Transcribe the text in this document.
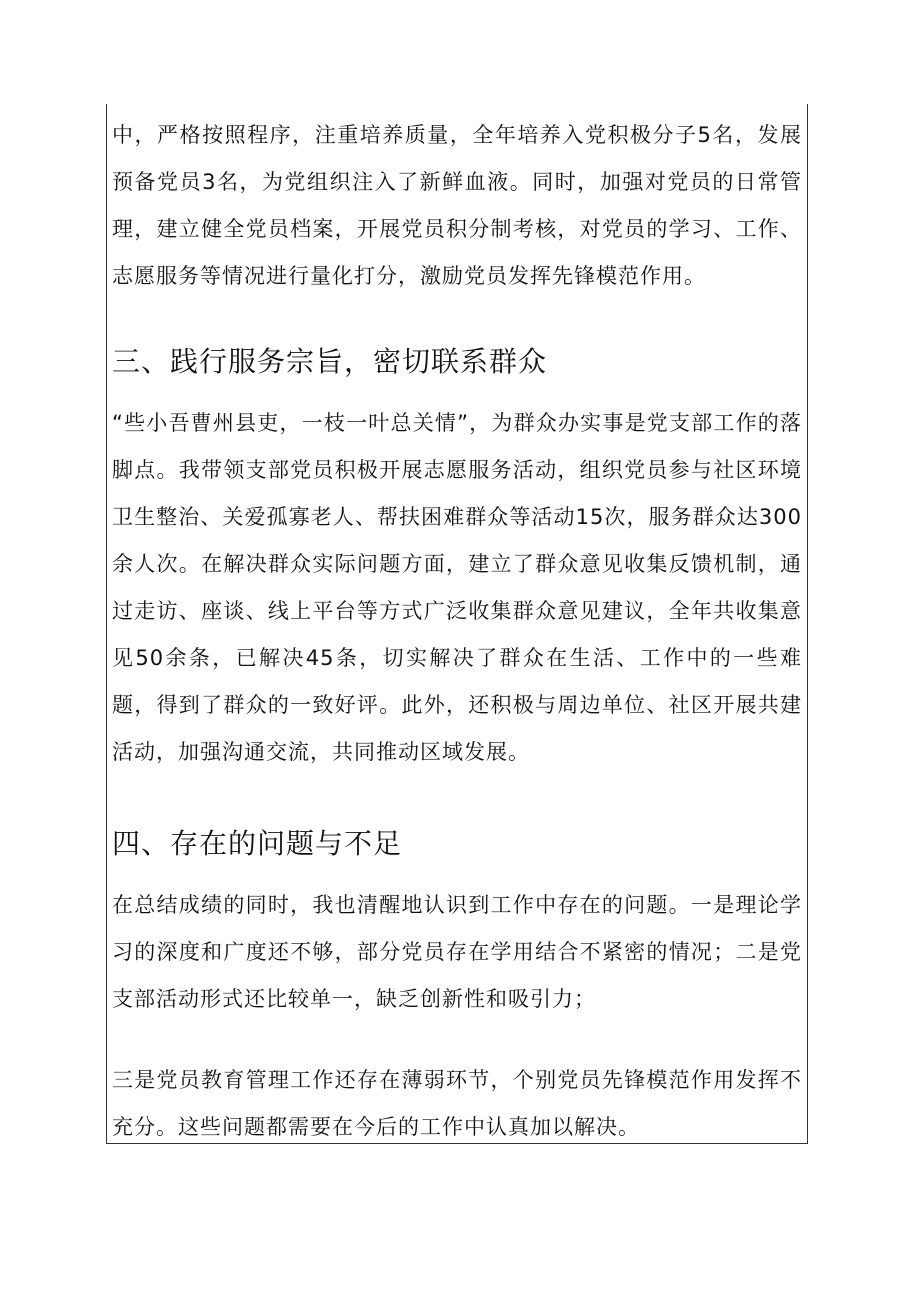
中，严格按照程序，注重培养质量，全年培养入党积极分子5名，发展预备党员3名，为党组织注入了新鲜血液。同时，加强对党员的日常管理，建立健全党员档案，开展党员积分制考核，对党员的学习、工作、志愿服务等情况进行量化打分，激励党员发挥先锋模范作用。

三、践行服务宗旨，密切联系群众

“些小吾曹州县吏，一枝一叶总关情”，为群众办实事是党支部工作的落脚点。我带领支部党员积极开展志愿服务活动，组织党员参与社区环境卫生整治、关爱孤寡老人、帮扶困难群众等活动15次，服务群众达300余人次。在解决群众实际问题方面，建立了群众意见收集反馈机制，通过走访、座谈、线上平台等方式广泛收集群众意见建议，全年共收集意见50余条，已解决45条，切实解决了群众在生活、工作中的一些难题，得到了群众的一致好评。此外，还积极与周边单位、社区开展共建活动，加强沟通交流，共同推动区域发展。

四、存在的问题与不足

在总结成绩的同时，我也清醒地认识到工作中存在的问题。一是理论学习的深度和广度还不够，部分党员存在学用结合不紧密的情况；二是党支部活动形式还比较单一，缺乏创新性和吸引力；

三是党员教育管理工作还存在薄弱环节，个别党员先锋模范作用发挥不充分。这些问题都需要在今后的工作中认真加以解决。
